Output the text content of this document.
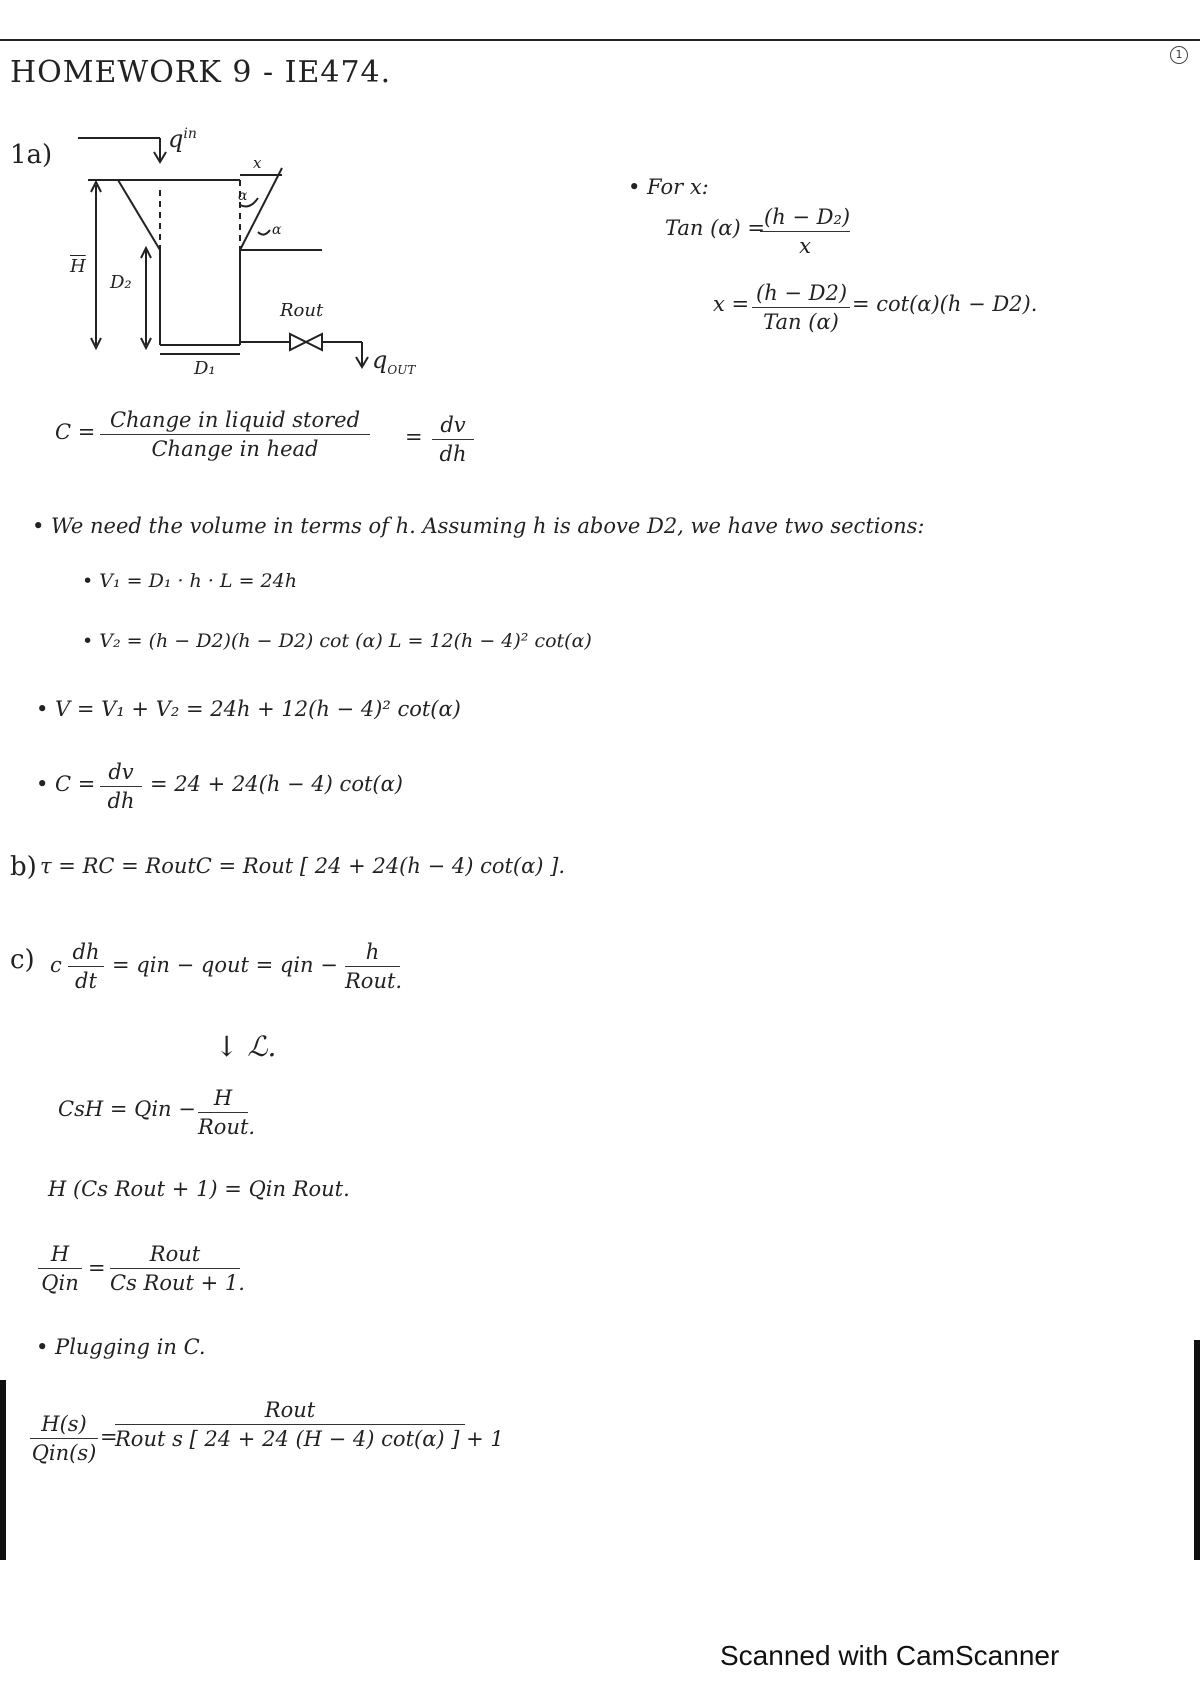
1
HOMEWORK 9 - IE474.
1a)
$q^{in}$
x
α
α
$\overline{H}$
D₂
Rout
D₁	$q_{OUT}$
C = Change in liquid stored
Change in head	= $\frac{dv}{dh}$
• For x:
Tan (α) =
$\frac{\text{(h − D₂)}}{x}$
x = (h − D2)
Tan (α)
= cot(α)(h − D2).
• We need the volume in terms of h. Assuming h is above D2, we have two sections:
• V₁ = D₁ · h · L = 24h
• V₂ = (h − D2)(h − D2) cot (α) L = 12(h − 4)² cot(α)
• V = V₁ + V₂ = 24h + 12(h − 4)² cot(α)
• $C = \frac{dv}{dh} = 24 + 24(h - 4)$ cot(α)
b) τ = RC = RoutC = Rout [ 24 + 24(h − 4) cot(α) ].
c) c $\frac{dh}{dt}$ = qin − qout = qin −
h
Rout.
↓ ℒ.
CsH = Qin − H
Rout.
H (Cs Rout + 1) = Qin Rout.
H
Qin
=
Rout
Cs Rout + 1.
• Plugging in C.
H(s)
Qin(s)
=
Rout
Rout s [ 24 + 24 (H − 4) cot(α) ] + 1
Scanned with CamScanner
